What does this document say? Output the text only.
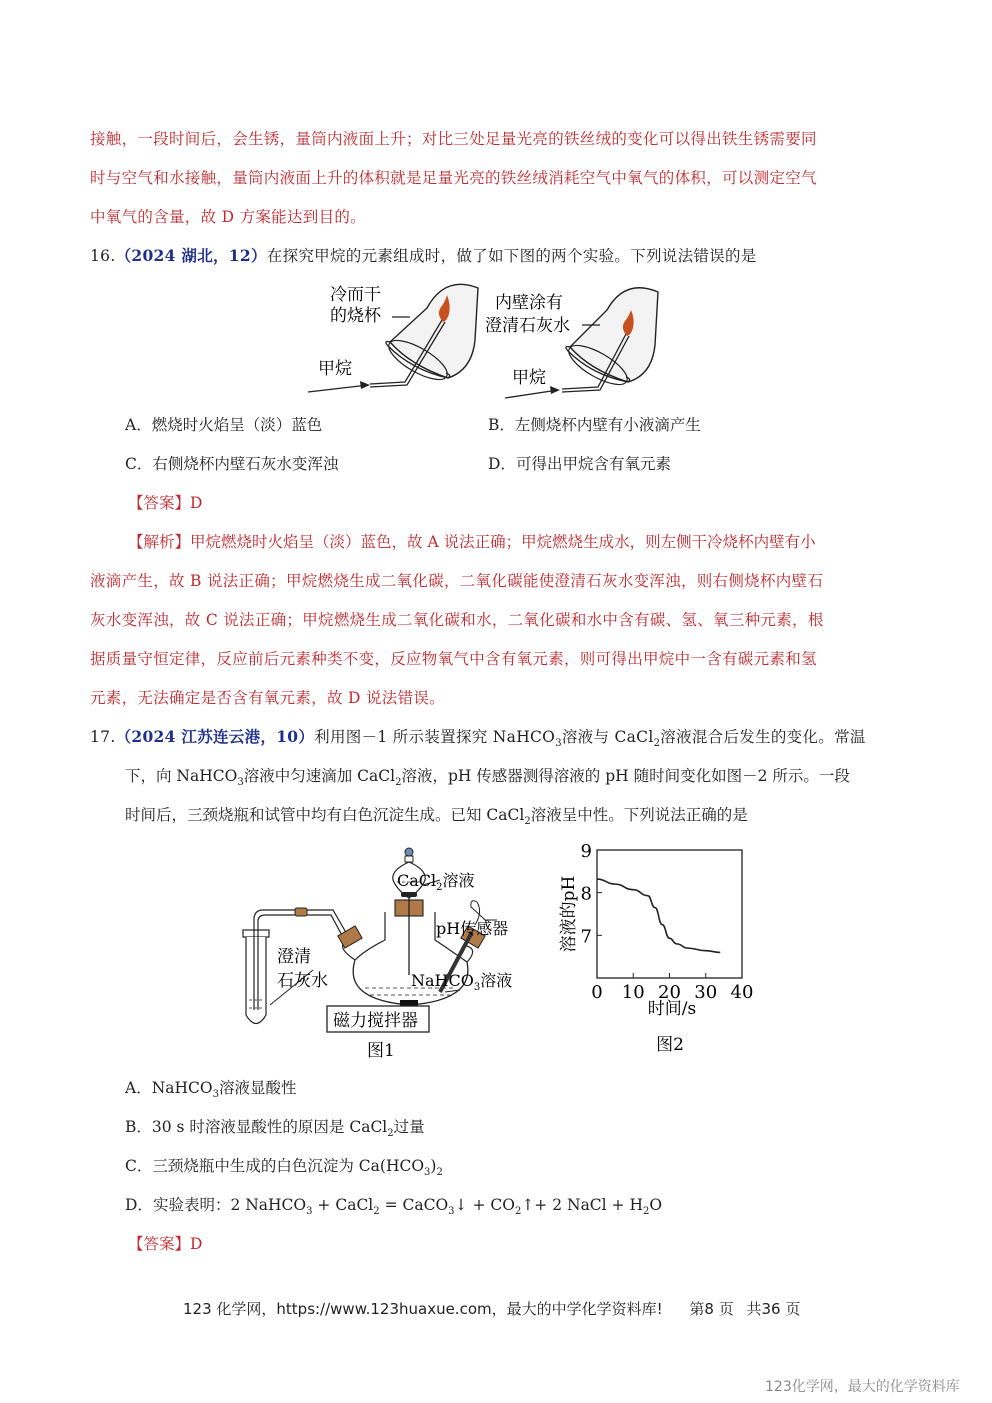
接触，一段时间后，会生锈，量筒内液面上升；对比三处足量光亮的铁丝绒的变化可以得出铁生锈需要同
时与空气和水接触，量筒内液面上升的体积就是足量光亮的铁丝绒消耗空气中氧气的体积，可以测定空气
中氧气的含量，故 D 方案能达到目的。
16.（2024 湖北，12）在探究甲烷的元素组成时，做了如下图的两个实验。下列说法错误的是
冷而干
的烧杯
甲烷
内壁涂有
澄清石灰水
甲烷
A．燃烧时火焰呈（淡）蓝色	B．左侧烧杯内壁有小液滴产生
C．右侧烧杯内壁石灰水变浑浊	D．可得出甲烷含有氧元素
【答案】D
【解析】甲烷燃烧时火焰呈（淡）蓝色，故 A 说法正确；甲烷燃烧生成水，则左侧干冷烧杯内壁有小
液滴产生，故 B 说法正确；甲烷燃烧生成二氧化碳，二氧化碳能使澄清石灰水变浑浊，则右侧烧杯内壁石
灰水变浑浊，故 C 说法正确；甲烷燃烧生成二氧化碳和水，二氧化碳和水中含有碳、氢、氧三种元素，根
据质量守恒定律，反应前后元素种类不变，反应物氧气中含有氧元素，则可得出甲烷中一含有碳元素和氢
元素，无法确定是否含有氧元素，故 D 说法错误。
17.（2024 江苏连云港，10）利用图－1 所示装置探究 NaHCO$_3$溶液与 CaCl$_2$溶液混合后发生的变化。常温
下，向 NaHCO$_3$溶液中匀速滴加 CaCl$_2$溶液，pH 传感器测得溶液的 pH 随时间变化如图－2 所示。一段
时间后，三颈烧瓶和试管中均有白色沉淀生成。已知 CaCl$_2$溶液呈中性。下列说法正确的是
CaCl$_2$溶液
pH传感器
澄清
石灰水	NaHCO$_3$溶液
磁力搅拌器
图1
7
8
9
0 10 20 30 40
溶液的pH
时间/s
图2
A．NaHCO$_3$溶液显酸性
B．30 s 时溶液显酸性的原因是 CaCl$_2$过量
C．三颈烧瓶中生成的白色沉淀为 $Ca(HCO_3)_2$
D．实验表明：2 NaHCO$_3$ + CaCl$_2$ = CaCO$_3$↓ + $CO_2↑+ 2$ NaCl + $H_2O$
【答案】D
123 化学网，https://www.123huaxue.com，最大的中学化学资料库! 第8 页 共36 页
123化学网，最大的化学资料库
